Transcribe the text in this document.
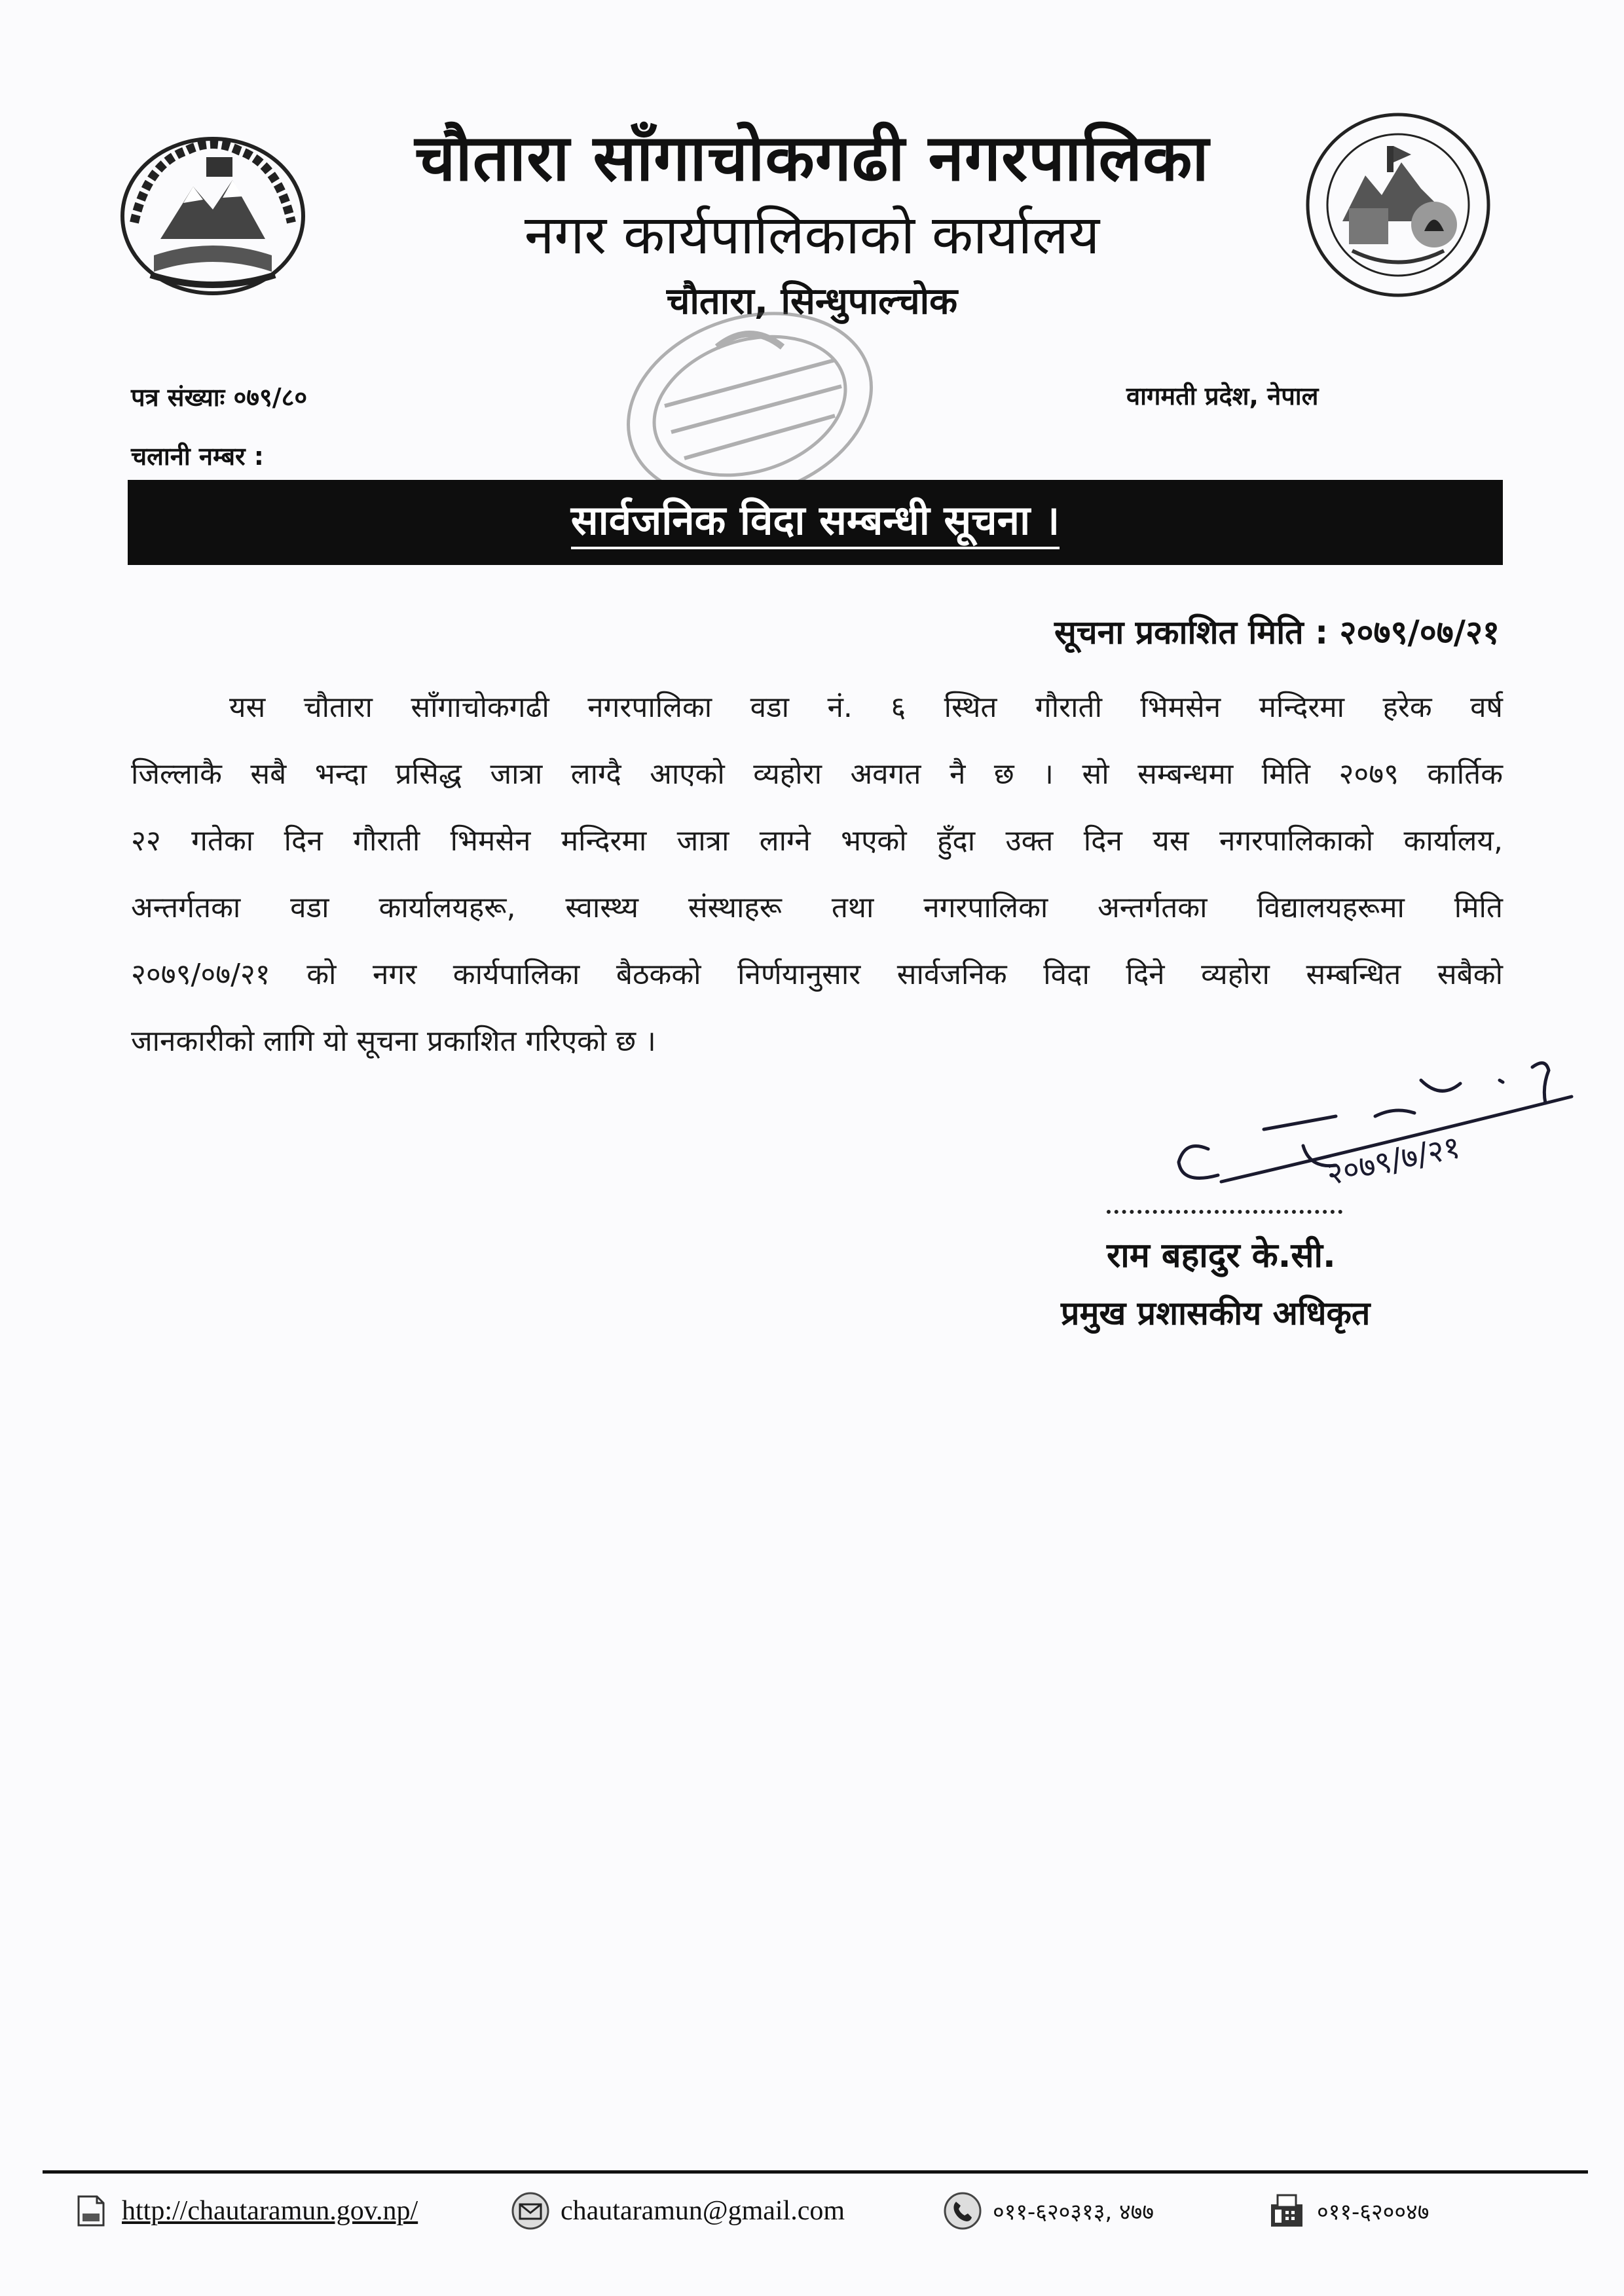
चौतारा साँगाचोकगढी नगरपालिका
नगर कार्यपालिकाको कार्यालय
चौतारा, सिन्धुपाल्चोक
पत्र संख्याः ०७९/८०
चलानी नम्बर :
वागमती प्रदेश, नेपाल
सार्वजनिक विदा सम्बन्धी सूचना ।
सूचना प्रकाशित मिति : २०७९/०७/२१
यस चौतारा साँगाचोकगढी नगरपालिका वडा नं. ६ स्थित गौराती भिमसेन मन्दिरमा हरेक वर्ष
जिल्लाकै सबै भन्दा प्रसिद्ध जात्रा लाग्दै आएको व्यहोरा अवगत नै छ । सो सम्बन्धमा मिति २०७९ कार्तिक
२२ गतेका दिन गौराती भिमसेन मन्दिरमा जात्रा लाग्ने भएको हुँदा उक्त दिन यस नगरपालिकाको कार्यालय,
अन्तर्गतका वडा कार्यालयहरू, स्वास्थ्य संस्थाहरू तथा नगरपालिका अन्तर्गतका विद्यालयहरूमा मिति
२०७९/०७/२१ को नगर कार्यपालिका बैठकको निर्णयानुसार सार्वजनिक विदा दिने व्यहोरा सम्बन्धित सबैको
जानकारीको लागि यो सूचना प्रकाशित गरिएको छ ।
२०७९/७/२१
राम बहादुर के.सी.
प्रमुख प्रशासकीय अधिकृत
http://chautaramun.gov.np/	chautaramun@gmail.com	०११-६२०३१३, ४७७	०११-६२००४७
